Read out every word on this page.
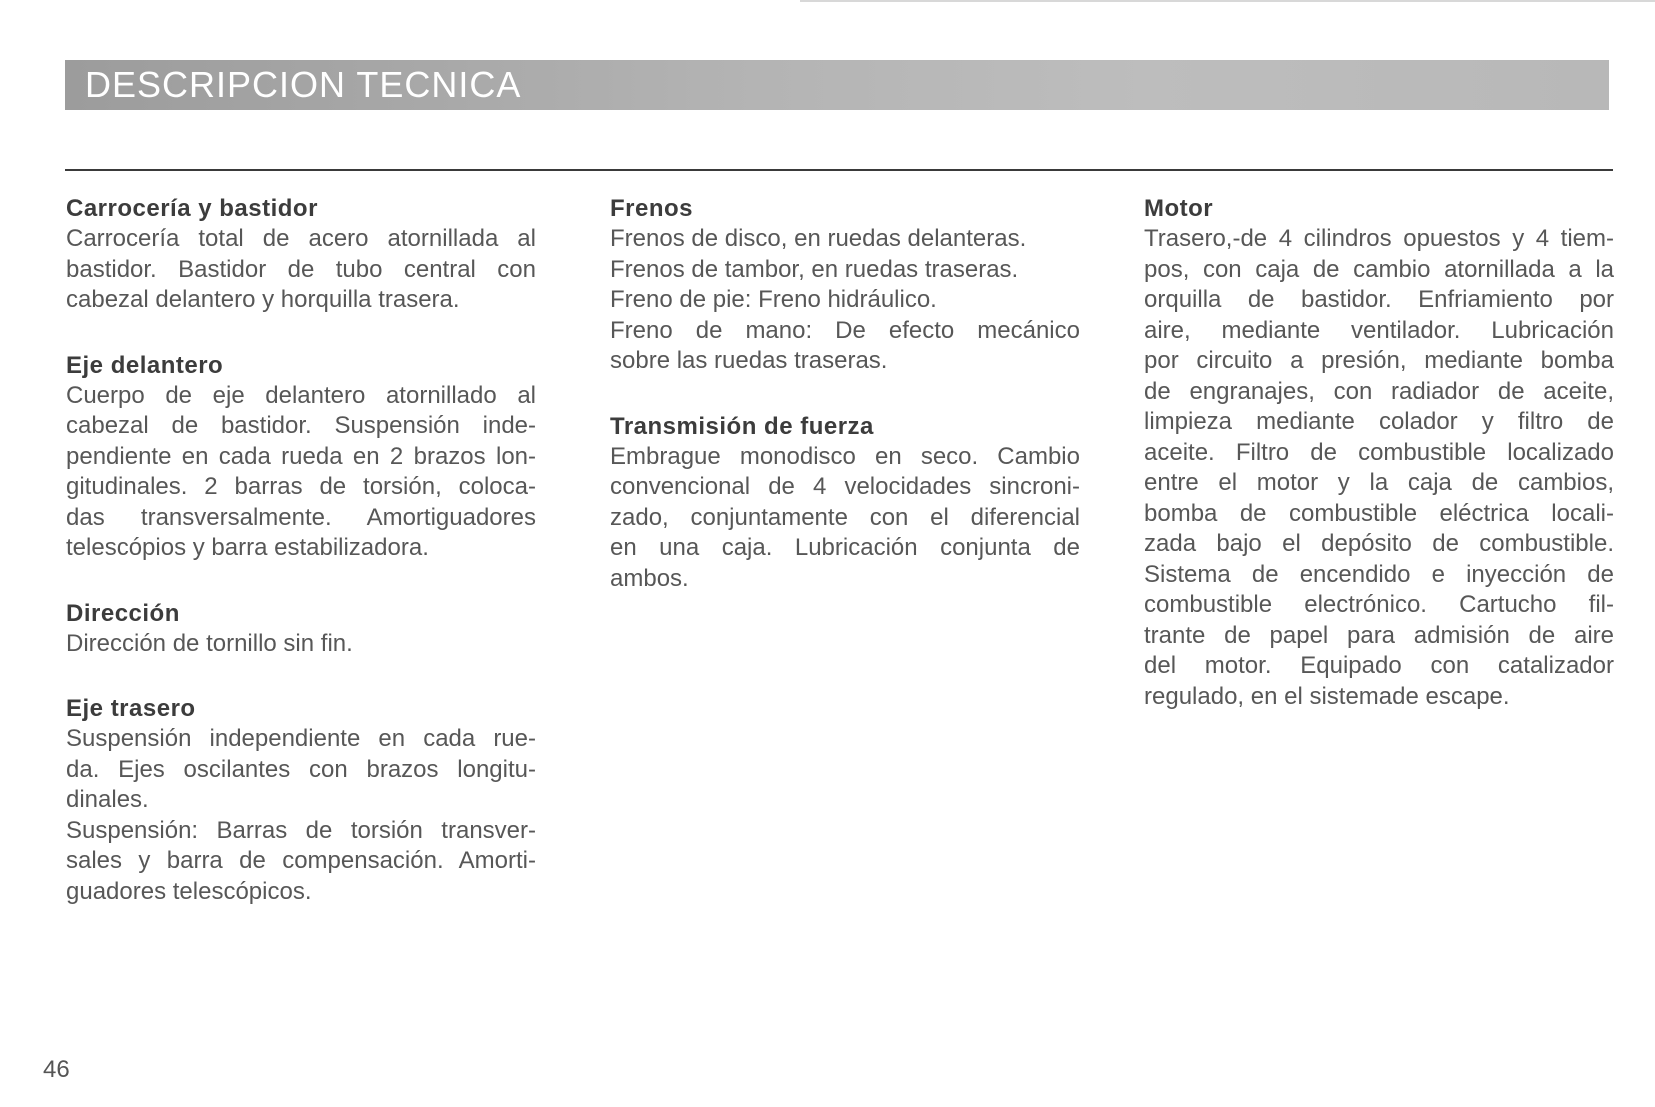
DESCRIPCION TECNICA

Carrocería y bastidor

Carrocería total de acero atornillada al

bastidor. Bastidor de tubo central con

cabezal delantero y horquilla trasera.

Eje delantero

Cuerpo de eje delantero atornillado al

cabezal de bastidor. Suspensión inde-

pendiente en cada rueda en 2 brazos lon-

gitudinales. 2 barras de torsión, coloca-

das transversalmente. Amortiguadores

telescópios y barra estabilizadora.

Dirección

Dirección de tornillo sin fin.

Eje trasero

Suspensión independiente en cada rue-

da. Ejes oscilantes con brazos longitu-

dinales.

Suspensión: Barras de torsión transver-

sales y barra de compensación. Amorti-

guadores telescópicos.

Frenos

Frenos de disco, en ruedas delanteras.

Frenos de tambor, en ruedas traseras.

Freno de pie: Freno hidráulico.

Freno de mano: De efecto mecánico

sobre las ruedas traseras.

Transmisión de fuerza

Embrague monodisco en seco. Cambio

convencional de 4 velocidades sincroni-

zado, conjuntamente con el diferencial

en una caja. Lubricación conjunta de

ambos.

Motor

Trasero,-de 4 cilindros opuestos y 4 tiem-

pos, con caja de cambio atornillada a la

orquilla de bastidor. Enfriamiento por

aire, mediante ventilador. Lubricación

por circuito a presión, mediante bomba

de engranajes, con radiador de aceite,

limpieza mediante colador y filtro de

aceite. Filtro de combustible localizado

entre el motor y la caja de cambios,

bomba de combustible eléctrica locali-

zada bajo el depósito de combustible.

Sistema de encendido e inyección de

combustible electrónico. Cartucho fil-

trante de papel para admisión de aire

del motor. Equipado con catalizador

regulado, en el sistemade escape.

46
